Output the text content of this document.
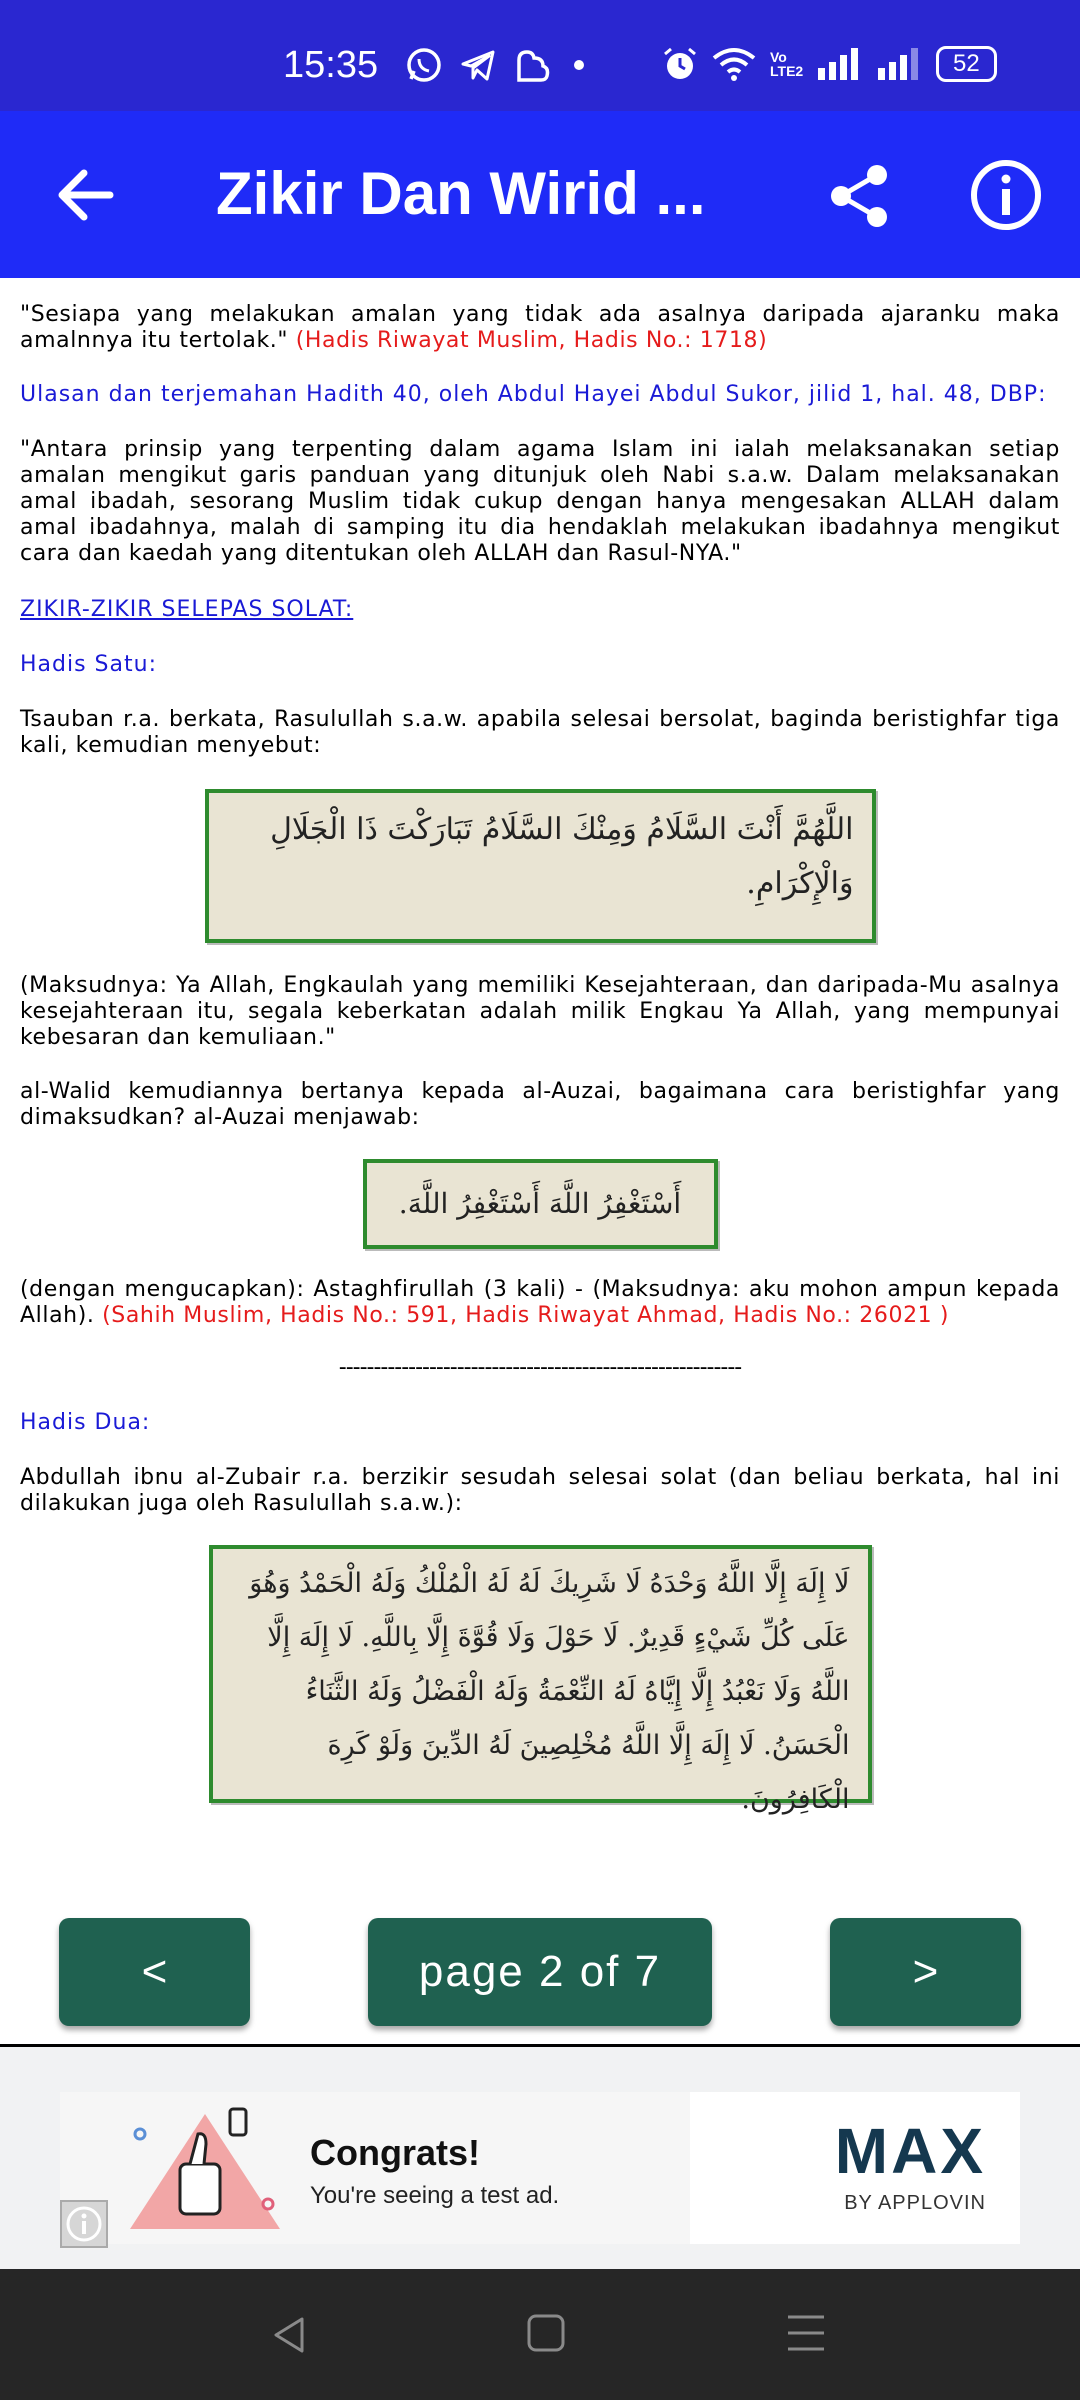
15:35	Vo LTE2	52
Zikir Dan Wirid ...

"Sesiapa yang melakukan amalan yang tidak ada asalnya daripada ajaranku maka amalnnya itu tertolak." (Hadis Riwayat Muslim, Hadis No.: 1718)

Ulasan dan terjemahan Hadith 40, oleh Abdul Hayei Abdul Sukor, jilid 1, hal. 48, DBP:

"Antara prinsip yang terpenting dalam agama Islam ini ialah melaksanakan setiap amalan mengikut garis panduan yang ditunjuk oleh Nabi s.a.w. Dalam melaksanakan amal ibadah, sesorang Muslim tidak cukup dengan hanya mengesakan ALLAH dalam amal ibadahnya, malah di samping itu dia hendaklah melakukan ibadahnya mengikut cara dan kaedah yang ditentukan oleh ALLAH dan Rasul-NYA."

ZIKIR-ZIKIR SELEPAS SOLAT:

Hadis Satu:

Tsauban r.a. berkata, Rasulullah s.a.w. apabila selesai bersolat, baginda beristighfar tiga kali, kemudian menyebut:

اللَّهُمَّ أَنْتَ السَّلَامُ وَمِنْكَ السَّلَامُ تَبَارَكْتَ ذَا الْجَلَالِ وَالْإِكْرَامِ.

(Maksudnya: Ya Allah, Engkaulah yang memiliki Kesejahteraan, dan daripada-Mu asalnya kesejahteraan itu, segala keberkatan adalah milik Engkau Ya Allah, yang mempunyai kebesaran dan kemuliaan."

al-Walid kemudiannya bertanya kepada al-Auzai, bagaimana cara beristighfar yang dimaksudkan? al-Auzai menjawab:

أَسْتَغْفِرُ اللَّهَ أَسْتَغْفِرُ اللَّهَ.

(dengan mengucapkan): Astaghfirullah (3 kali) - (Maksudnya: aku mohon ampun kepada Allah). (Sahih Muslim, Hadis No.: 591, Hadis Riwayat Ahmad, Hadis No.: 26021 )

----------------------------------------------------------

Hadis Dua:

Abdullah ibnu al-Zubair r.a. berzikir sesudah selesai solat (dan beliau berkata, hal ini dilakukan juga oleh Rasulullah s.a.w.):

لَا إِلَهَ إِلَّا اللَّهُ وَحْدَهُ لَا شَرِيكَ لَهُ لَهُ الْمُلْكُ وَلَهُ الْحَمْدُ وَهُوَ عَلَى كُلِّ شَيْءٍ قَدِيرٌ. لَا حَوْلَ وَلَا قُوَّةَ إِلَّا بِاللَّهِ. لَا إِلَهَ إِلَّا اللَّهُ وَلَا نَعْبُدُ إِلَّا إِيَّاهُ لَهُ النِّعْمَةُ وَلَهُ الْفَضْلُ وَلَهُ الثَّنَاءُ الْحَسَنُ. لَا إِلَهَ إِلَّا اللَّهُ مُخْلِصِينَ لَهُ الدِّينَ وَلَوْ كَرِهَ الْكَافِرُونَ.
<	page 2 of 7	>
Congrats!
You're seeing a test ad.
MAX
BY APPLOVIN
